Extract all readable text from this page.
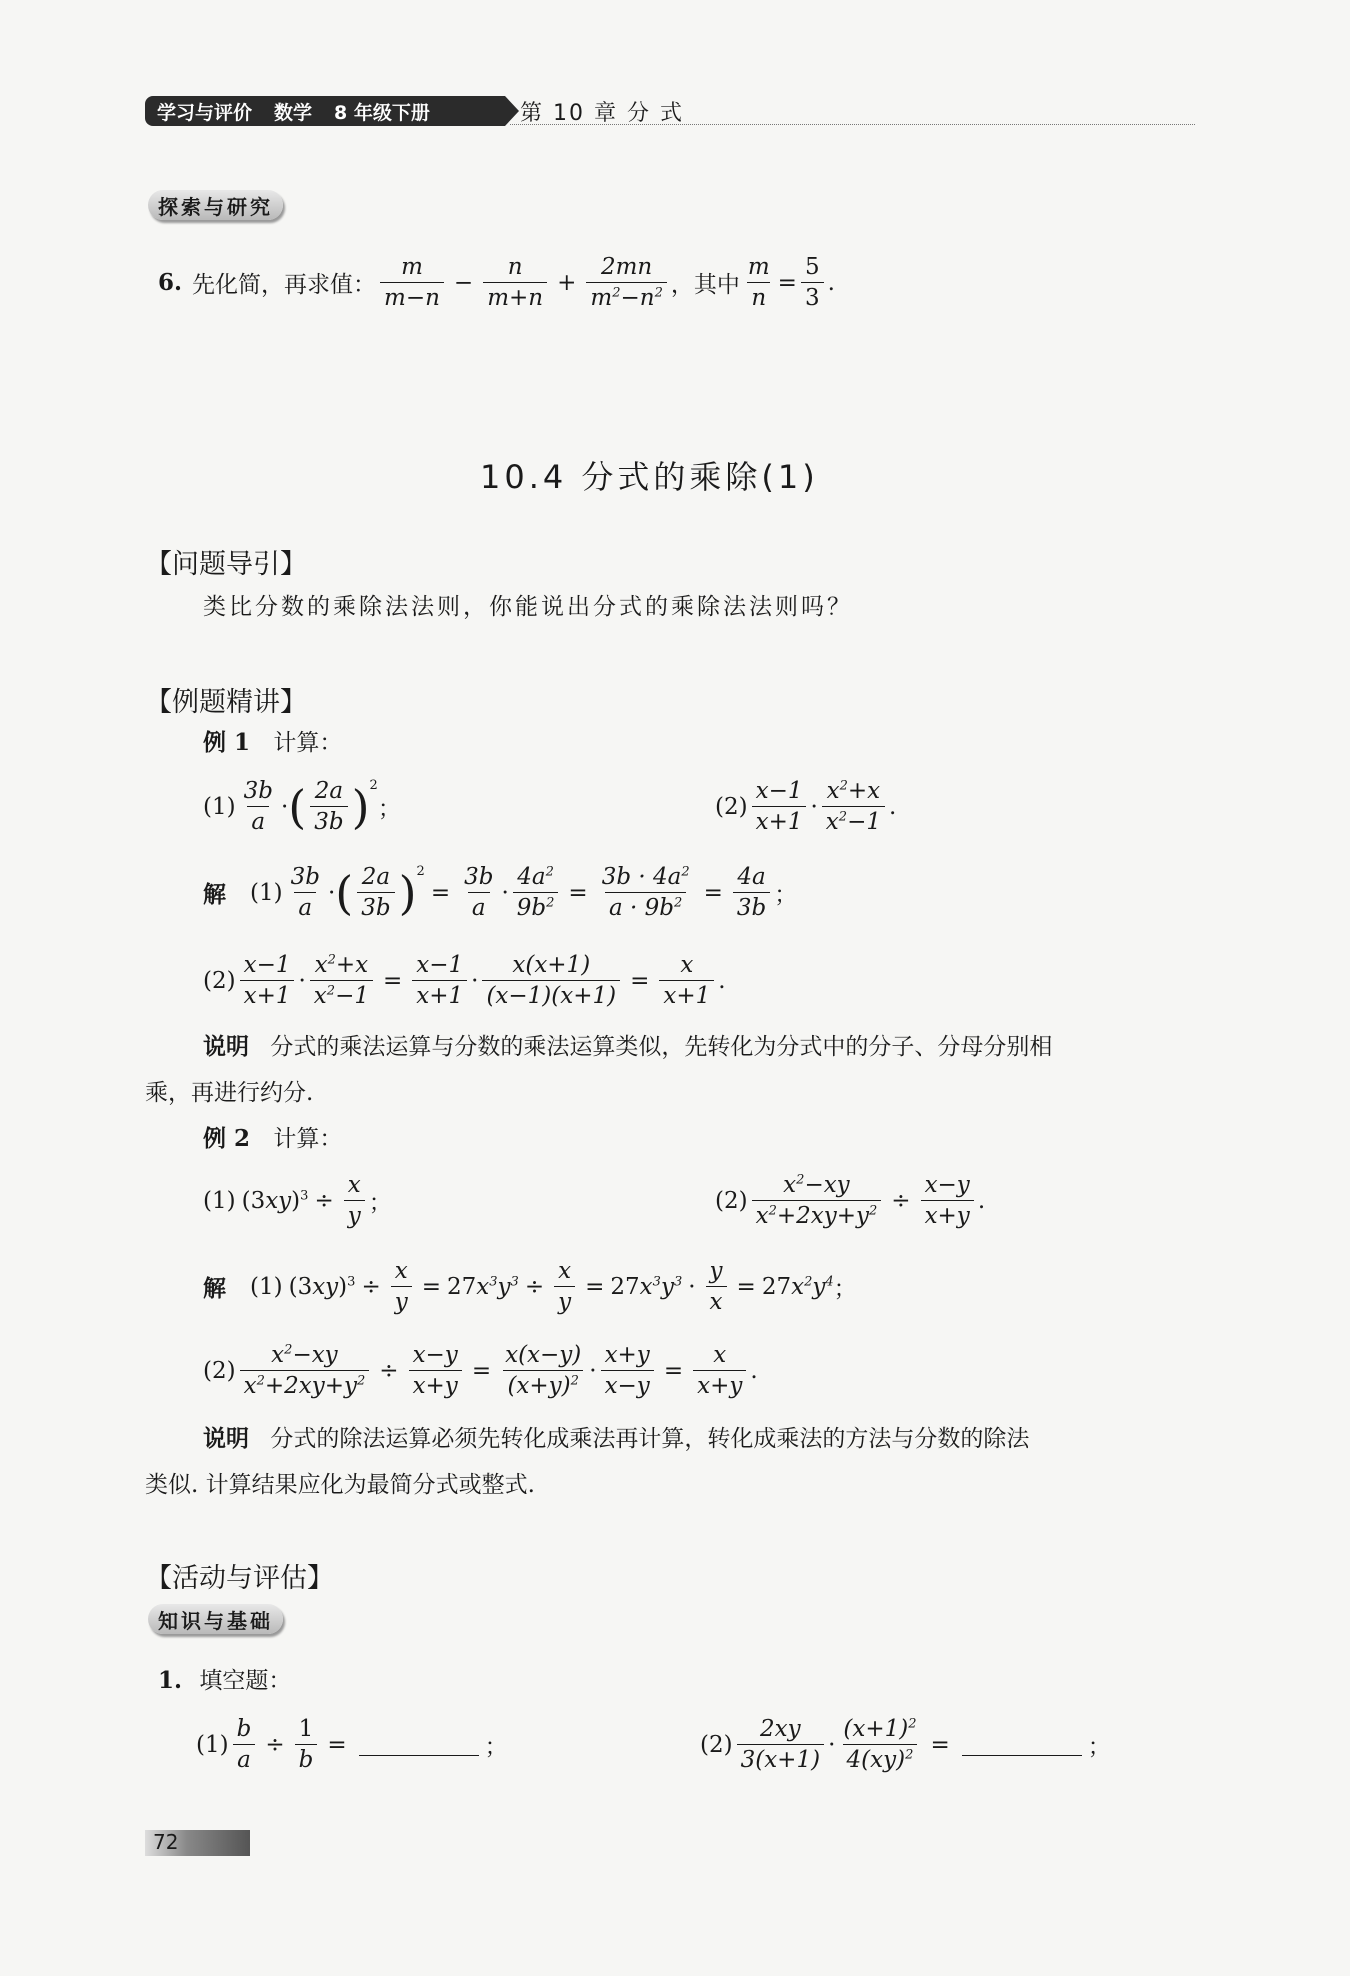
学习与评价 数学 8 年级下册	第 10 章 分 式
探索与研究
6. 先化简，再求值： $\frac{m}{m-n} - \frac{n}{m+n} + \frac{2mn}{m^2-n^2}$ ，其中 $\frac{m}{n} = \frac{5}{3}$ .
10.4 分式的乘除(1)
【问题导引】
类比分数的乘除法法则，你能说出分式的乘除法法则吗？
【例题精讲】
例 1 计算：
$(1) \frac{3b}{a}$ · ( $\frac{2a}{3b} )^2$
；	$(2) \frac{x-1}{x+1} \cdot \frac{x^2+x}{x^2-1}$ .
解 $(1) \frac{3b}{a}$ · ( $\frac{2a}{3b} )^2$
= $\frac{3b}{a} \cdot \frac{4a^2}{9b^2} = \frac{3b \cdot 4a^2}{a \cdot 9b^2} = \frac{4a}{3b}$ ；
$(2) \frac{x-1}{x+1} \cdot \frac{x^2+x}{x^2-1} = \frac{x-1}{x+1} \cdot \frac{x(x+1)}{(x-1)(x+1)} = \frac{x}{x+1}$ .
说明 分式的乘法运算与分数的乘法运算类似，先转化为分式中的分子、分母分别相
乘，再进行约分.
例 2 计算：
(1) $(3xy)^3 \div \frac{x}{y}$ ；	$(2) \frac{x^2-xy}{x^2+2xy+y^2} \div \frac{x-y}{x+y}$ .
解 (1) $(3xy)^3 \div \frac{x}{y} = 27x^3y^3 \div \frac{x}{y} = 27x^3y^3 \cdot \frac{y}{x} = 27x^2y^4$ ；
$(2) \frac{x^2-xy}{x^2+2xy+y^2} \div \frac{x-y}{x+y} = \frac{x(x-y)}{(x+y)^2} \cdot \frac{x+y}{x-y} = \frac{x}{x+y}$ .
说明 分式的除法运算必须先转化成乘法再计算，转化成乘法的方法与分数的除法
类似. 计算结果应化为最简分式或整式.
【活动与评估】
知识与基础
1. 填空题：
$(1) \frac{b}{a} \div \frac{1}{b}$ =	；	$(2) \frac{2xy}{3(x+1)} \cdot \frac{(x+1)^2}{4(xy)^2}$ =	；
72
